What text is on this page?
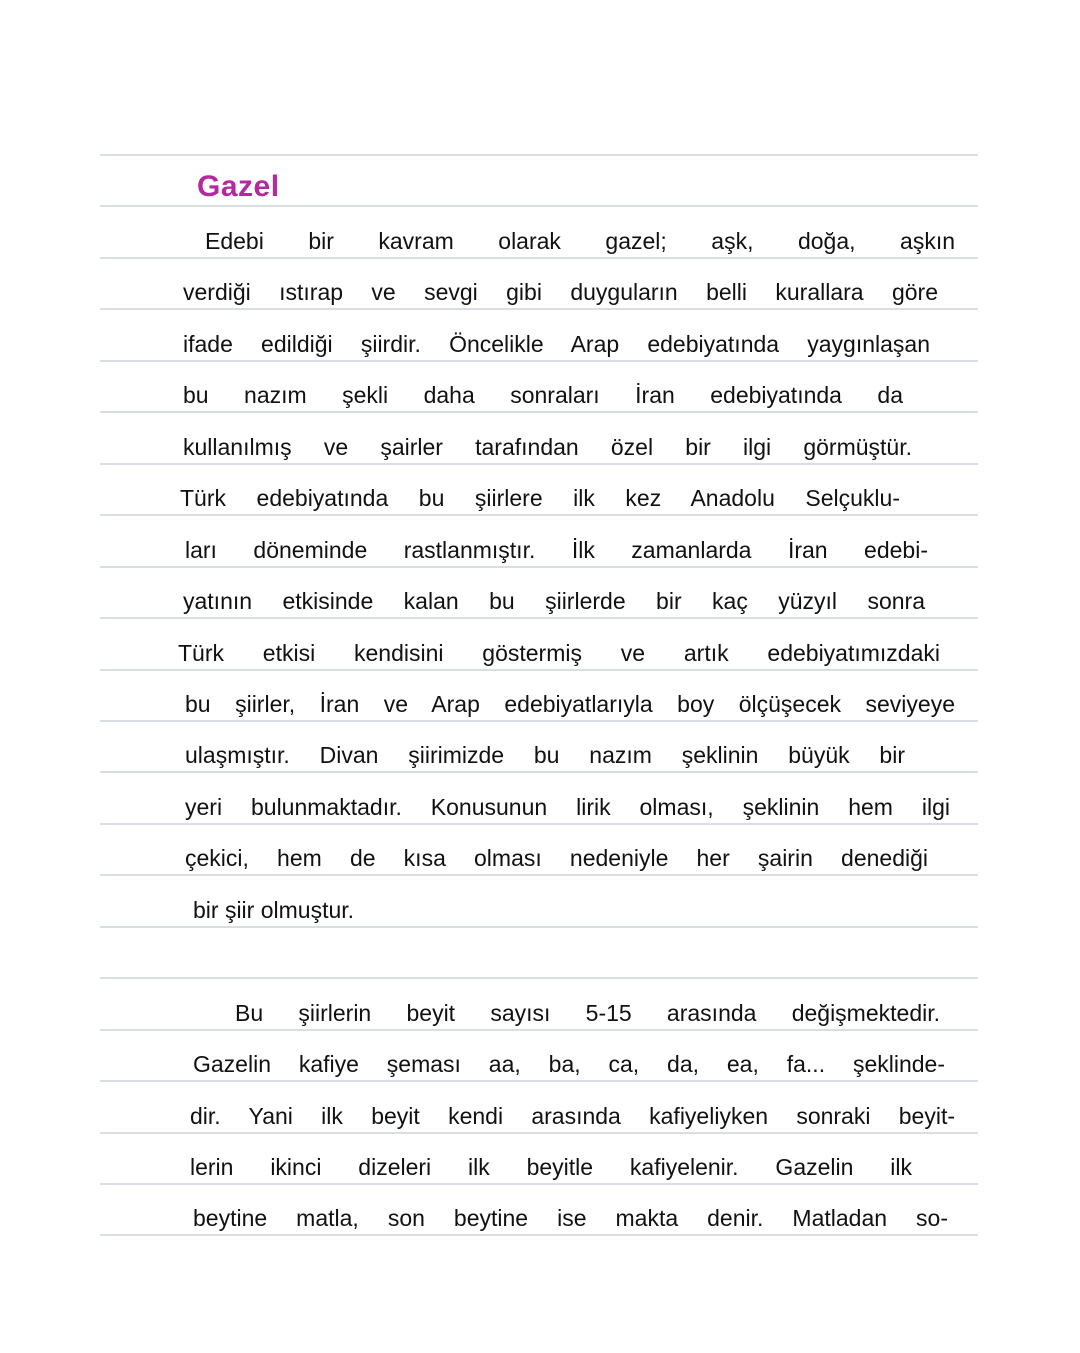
Gazel
Edebi bir kavram olarak gazel; aşk, doğa, aşkın
verdiği ıstırap ve sevgi gibi duyguların belli kurallara göre
ifade edildiği şiirdir. Öncelikle Arap edebiyatında yaygınlaşan
bu nazım şekli daha sonraları İran edebiyatında da
kullanılmış ve şairler tarafından özel bir ilgi görmüştür.
Türk edebiyatında bu şiirlere ilk kez Anadolu Selçuklu-
ları döneminde rastlanmıştır. İlk zamanlarda İran edebi-
yatının etkisinde kalan bu şiirlerde bir kaç yüzyıl sonra
Türk etkisi kendisini göstermiş ve artık edebiyatımızdaki
bu şiirler, İran ve Arap edebiyatlarıyla boy ölçüşecek seviyeye
ulaşmıştır. Divan şiirimizde bu nazım şeklinin büyük bir
yeri bulunmaktadır. Konusunun lirik olması, şeklinin hem ilgi
çekici, hem de kısa olması nedeniyle her şairin denediği
bir şiir olmuştur.
Bu şiirlerin beyit sayısı 5-15 arasında değişmektedir.
Gazelin kafiye şeması aa, ba, ca, da, ea, fa... şeklinde-
dir. Yani ilk beyit kendi arasında kafiyeliyken sonraki beyit-
lerin ikinci dizeleri ilk beyitle kafiyelenir. Gazelin ilk
beytine matla, son beytine ise makta denir. Matladan so-
